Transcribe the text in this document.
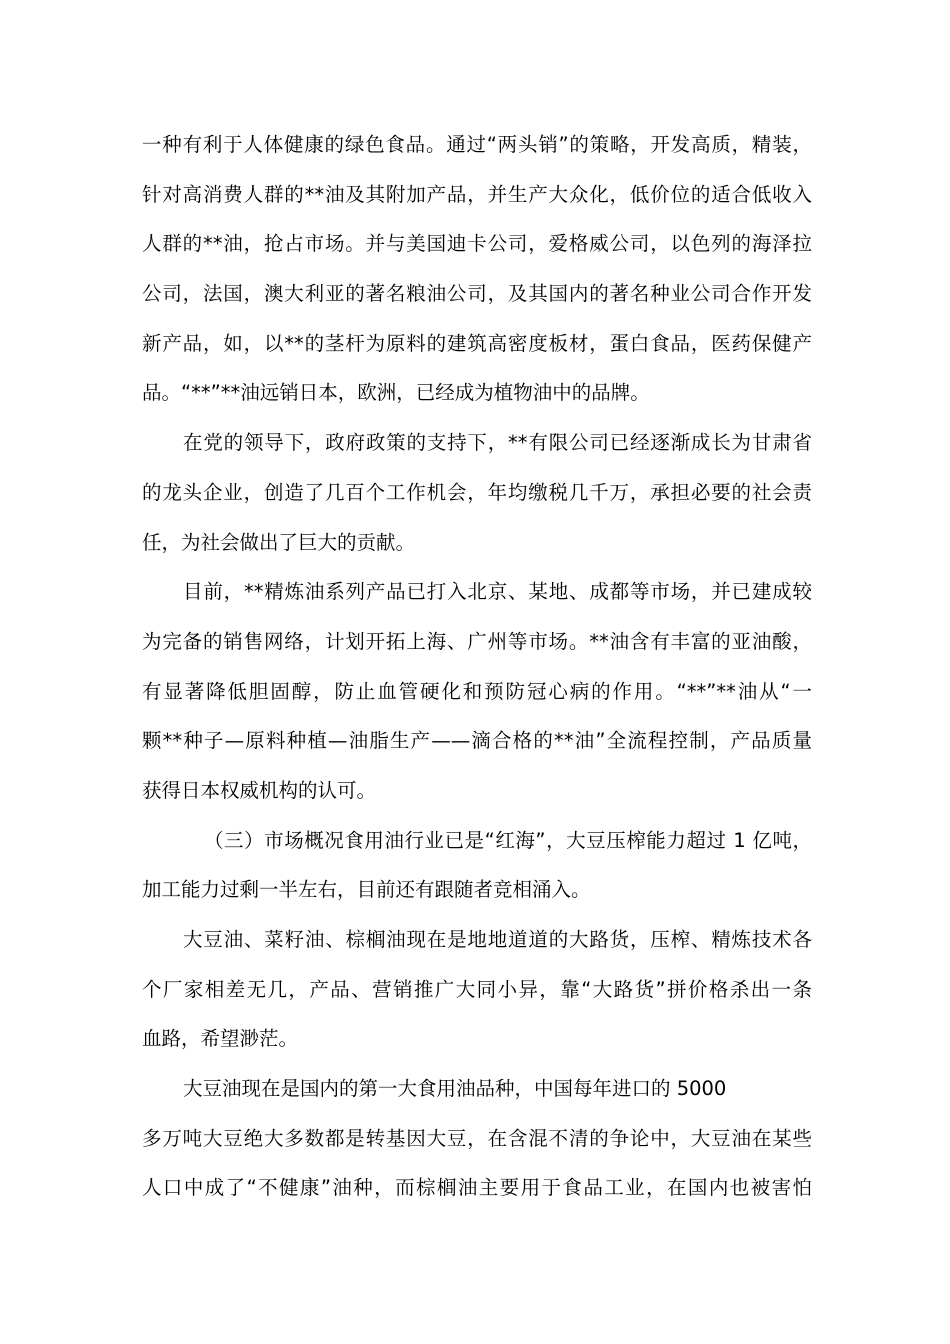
一种有利于人体健康的绿色食品。通过“两头销”的策略，开发高质，精装，
针对高消费人群的**油及其附加产品，并生产大众化，低价位的适合低收入
人群的**油，抢占市场。并与美国迪卡公司，爱格威公司，以色列的海泽拉
公司，法国，澳大利亚的著名粮油公司，及其国内的著名种业公司合作开发
新产品，如，以**的茎杆为原料的建筑高密度板材，蛋白食品，医药保健产
品。“**”**油远销日本，欧洲，已经成为植物油中的品牌。
在党的领导下，政府政策的支持下，**有限公司已经逐渐成长为甘肃省
的龙头企业，创造了几百个工作机会，年均缴税几千万，承担必要的社会责
任，为社会做出了巨大的贡献。
目前，**精炼油系列产品已打入北京、某地、成都等市场，并已建成较
为完备的销售网络，计划开拓上海、广州等市场。**油含有丰富的亚油酸，
有显著降低胆固醇，防止血管硬化和预防冠心病的作用。“**”**油从“一
颗**种子—原料种植—油脂生产——滴合格的**油”全流程控制，产品质量
获得日本权威机构的认可。
（三）市场概况食用油行业已是“红海”，大豆压榨能力超过 1 亿吨，
加工能力过剩一半左右，目前还有跟随者竞相涌入。
大豆油、菜籽油、棕榈油现在是地地道道的大路货，压榨、精炼技术各
个厂家相差无几，产品、营销推广大同小异，靠“大路货”拼价格杀出一条
血路，希望渺茫。
大豆油现在是国内的第一大食用油品种，中国每年进口的 5000
多万吨大豆绝大多数都是转基因大豆，在含混不清的争论中，大豆油在某些
人口中成了“不健康”油种，而棕榈油主要用于食品工业，在国内也被害怕
